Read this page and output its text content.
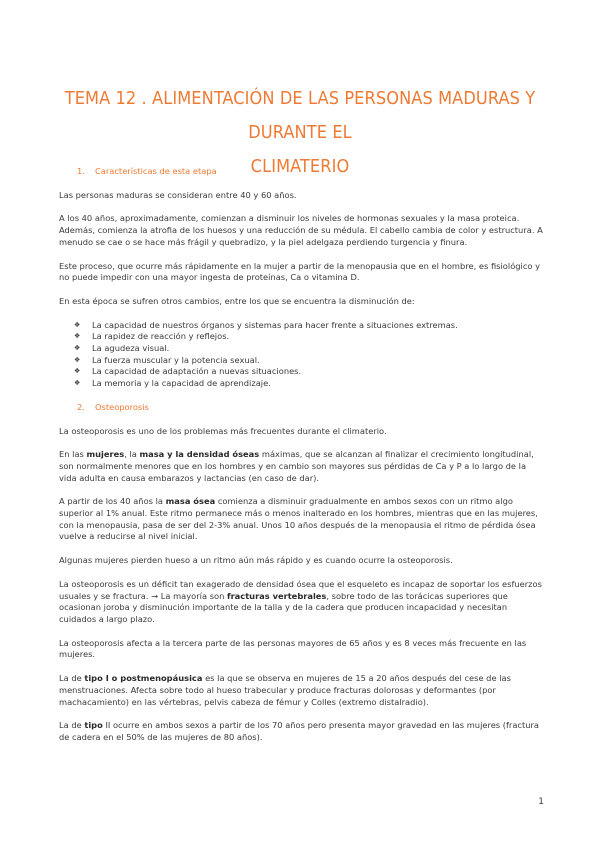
TEMA 12 . ALIMENTACIÓN DE LAS PERSONAS MADURAS Y DURANTE EL
CLIMATERIO
1.	Características de esta etapa

Las personas maduras se consideran entre 40 y 60 años.

A los 40 años, aproximadamente, comienzan a disminuir los niveles de hormonas sexuales y la masa proteica. Además, comienza la atrofia de los huesos y una reducción de su médula. El cabello cambia de color y estructura. A menudo se cae o se hace más frágil y quebradizo, y la piel adelgaza perdiendo turgencia y finura.

Este proceso, que ocurre más rápidamente en la mujer a partir de la menopausia que en el hombre, es fisiológico y no puede impedir con una mayor ingesta de proteínas, Ca o vitamina D.

En esta época se sufren otros cambios, entre los que se encuentra la disminución de:

❖	La capacidad de nuestros órganos y sistemas para hacer frente a situaciones extremas.
❖	La rapidez de reacción y reflejos.
❖	La agudeza visual.
❖	La fuerza muscular y la potencia sexual.
❖	La capacidad de adaptación a nuevas situaciones.
❖	La memoria y la capacidad de aprendizaje.
2.	Osteoporosis

La osteoporosis es uno de los problemas más frecuentes durante el climaterio.

En las mujeres, la masa y la densidad óseas máximas, que se alcanzan al finalizar el crecimiento longitudinal, son normalmente menores que en los hombres y en cambio son mayores sus pérdidas de Ca y P a lo largo de la vida adulta en causa embarazos y lactancias (en caso de dar).

A partir de los 40 años la masa ósea comienza a disminuir gradualmente en ambos sexos con un ritmo algo superior al 1% anual. Este ritmo permanece más o menos inalterado en los hombres, mientras que en las mujeres, con la menopausia, pasa de ser del 2-3% anual. Unos 10 años después de la menopausia el ritmo de pérdida ósea vuelve a reducirse al nivel inicial.

Algunas mujeres pierden hueso a un ritmo aún más rápido y es cuando ocurre la osteoporosis.

La osteoporosis es un déficit tan exagerado de densidad ósea que el esqueleto es incapaz de soportar los esfuerzos usuales y se fractura. → La mayoría son fracturas vertebrales, sobre todo de las torácicas superiores que ocasionan joroba y disminución importante de la talla y de la cadera que producen incapacidad y necesitan cuidados a largo plazo.

La osteoporosis afecta a la tercera parte de las personas mayores de 65 años y es 8 veces más frecuente en las mujeres.

La de tipo I o postmenopáusica es la que se observa en mujeres de 15 a 20 años después del cese de las menstruaciones. Afecta sobre todo al hueso trabecular y produce fracturas dolorosas y deformantes (por machacamiento) en las vértebras, pelvis cabeza de fémur y Colles (extremo distalradio).

La de tipo II ocurre en ambos sexos a partir de los 70 años pero presenta mayor gravedad en las mujeres (fractura de cadera en el 50% de las mujeres de 80 años).

1
